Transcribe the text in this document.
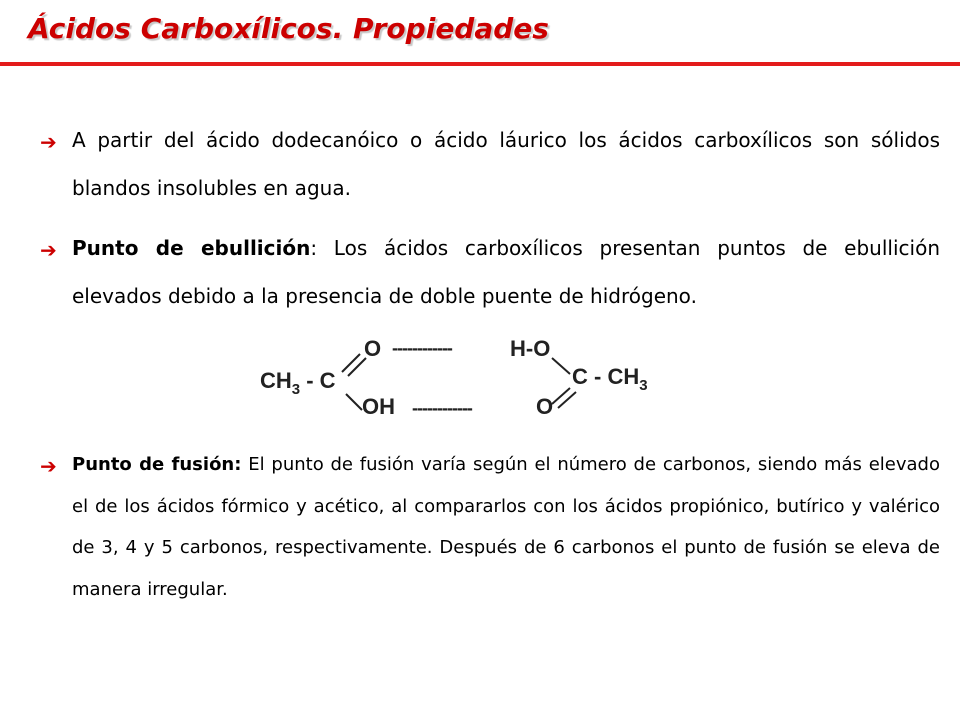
Ácidos Carboxílicos. Propiedades
➔ A partir del ácido dodecanóico o ácido láurico los ácidos carboxílicos son sólidos blandos insolubles en agua.

➔ Punto de ebullición: Los ácidos carboxílicos presentan puntos de ebullición elevados debido a la presencia de doble puente de hidrógeno.

$CH_3$ - C
O ------------	H-O
OH ------------	O
C - $CH_3$
➔ Punto de fusión: El punto de fusión varía según el número de carbonos, siendo más elevado el de los ácidos fórmico y acético, al compararlos con los ácidos propiónico, butírico y valérico de 3, 4 y 5 carbonos, respectivamente. Después de 6 carbonos el punto de fusión se eleva de manera irregular.
